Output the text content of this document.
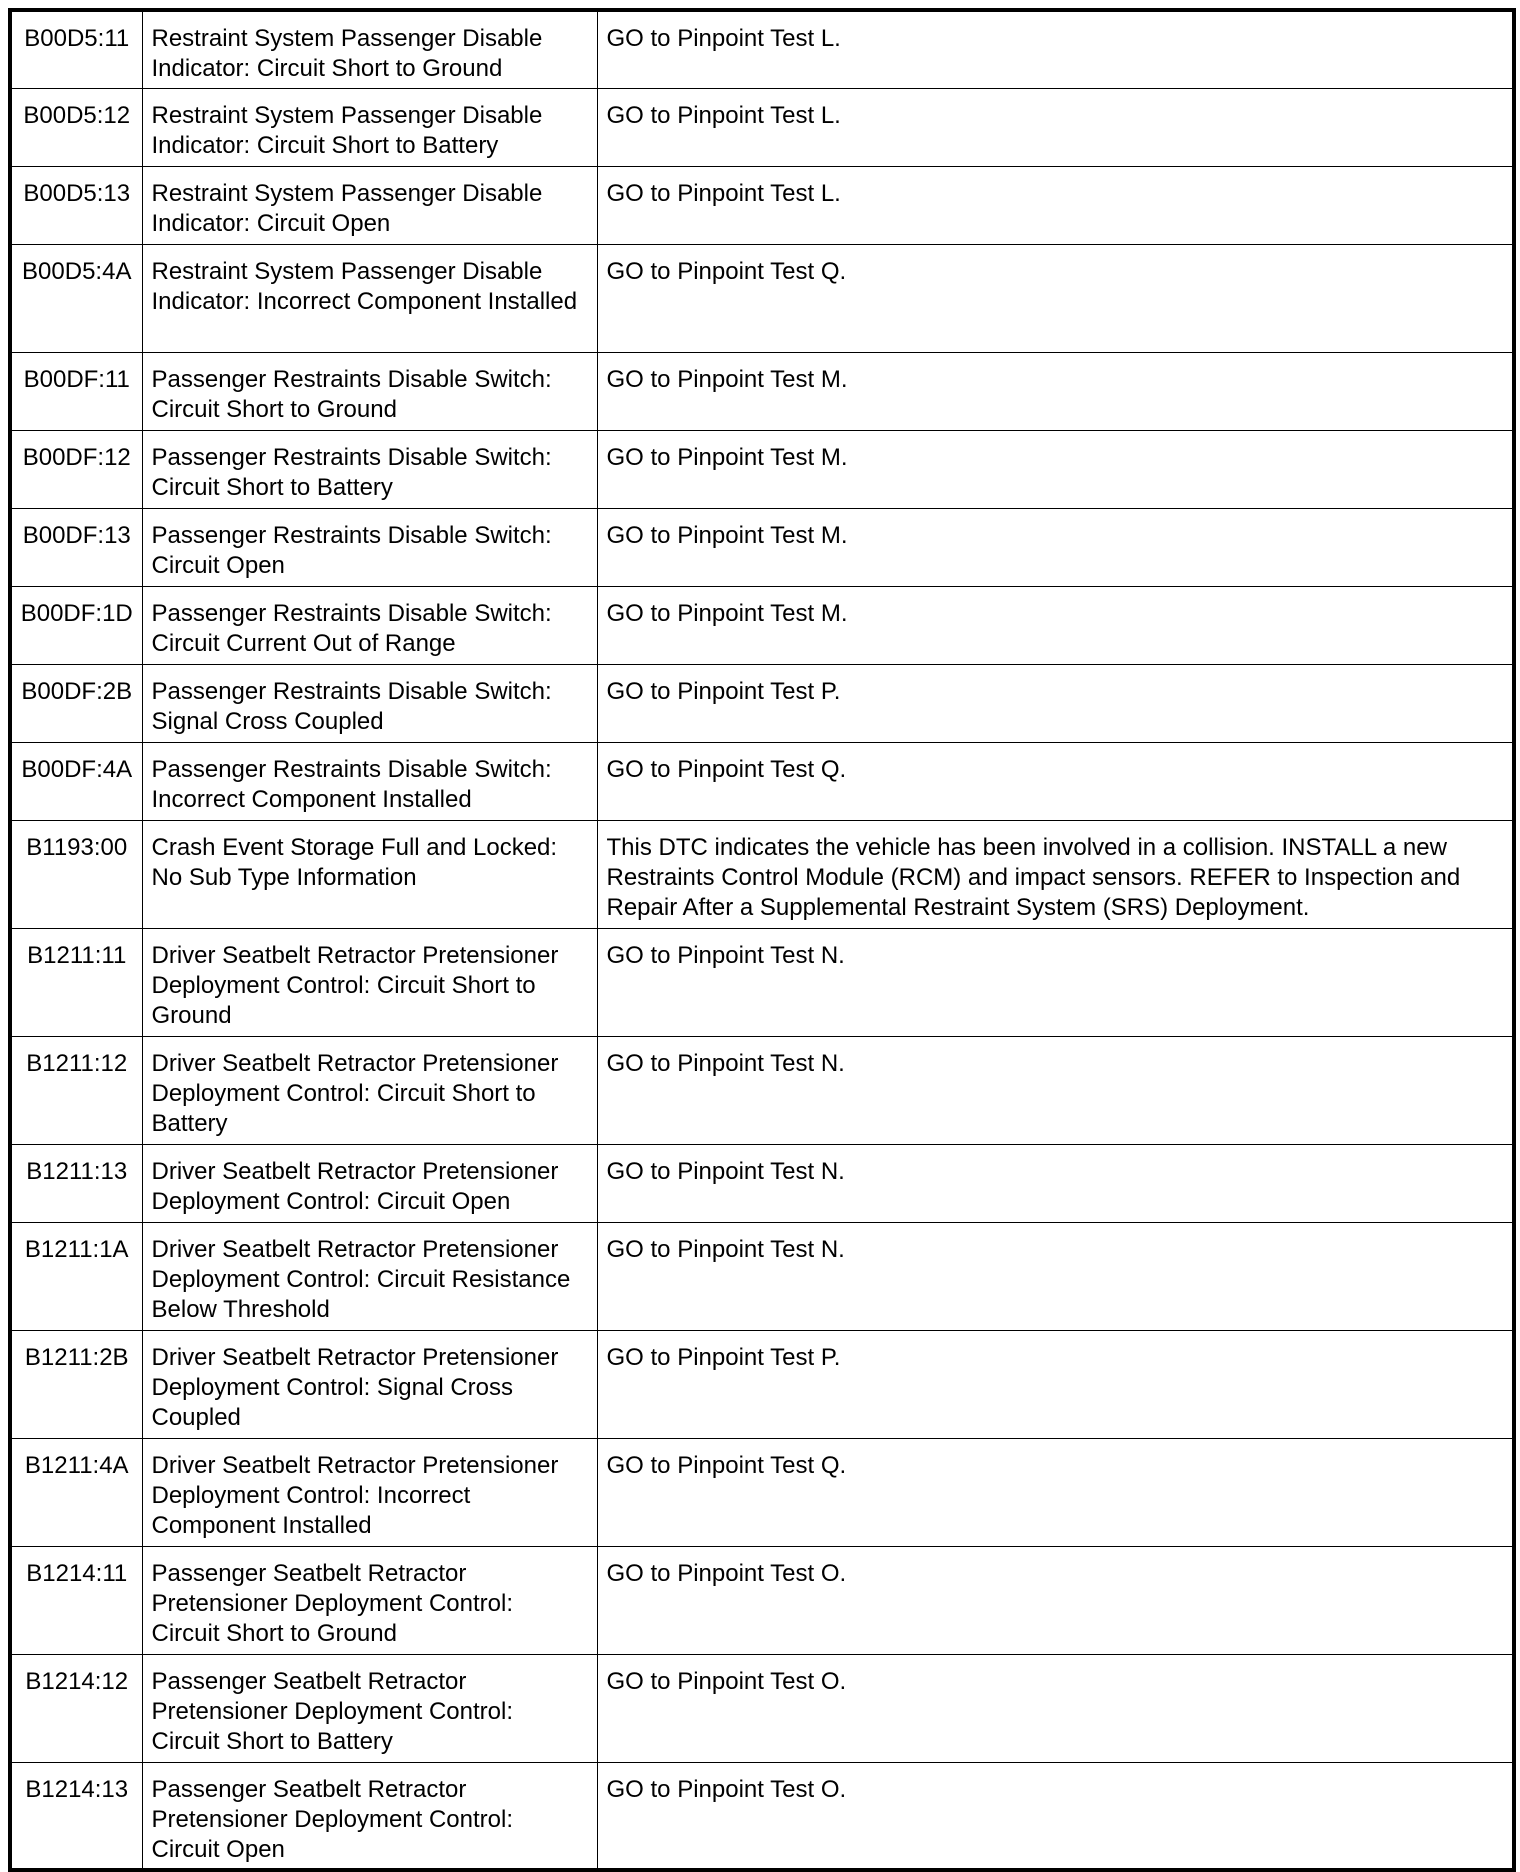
B00D5:11	Restraint System Passenger Disable Indicator: Circuit Short to Ground	GO to Pinpoint Test L.
B00D5:12	Restraint System Passenger Disable Indicator: Circuit Short to Battery	GO to Pinpoint Test L.
B00D5:13	Restraint System Passenger Disable Indicator: Circuit Open	GO to Pinpoint Test L.
B00D5:4A	Restraint System Passenger Disable Indicator: Incorrect Component Installed	GO to Pinpoint Test Q.
B00DF:11	Passenger Restraints Disable Switch: Circuit Short to Ground	GO to Pinpoint Test M.
B00DF:12	Passenger Restraints Disable Switch: Circuit Short to Battery	GO to Pinpoint Test M.
B00DF:13	Passenger Restraints Disable Switch: Circuit Open	GO to Pinpoint Test M.
B00DF:1D	Passenger Restraints Disable Switch: Circuit Current Out of Range	GO to Pinpoint Test M.
B00DF:2B	Passenger Restraints Disable Switch: Signal Cross Coupled	GO to Pinpoint Test P.
B00DF:4A	Passenger Restraints Disable Switch: Incorrect Component Installed	GO to Pinpoint Test Q.
B1193:00	Crash Event Storage Full and Locked: No Sub Type Information	This DTC indicates the vehicle has been involved in a collision. INSTALL a new Restraints Control Module (RCM) and impact sensors. REFER to Inspection and Repair After a Supplemental Restraint System (SRS) Deployment.
B1211:11	Driver Seatbelt Retractor Pretensioner Deployment Control: Circuit Short to Ground	GO to Pinpoint Test N.
B1211:12	Driver Seatbelt Retractor Pretensioner Deployment Control: Circuit Short to Battery	GO to Pinpoint Test N.
B1211:13	Driver Seatbelt Retractor Pretensioner Deployment Control: Circuit Open	GO to Pinpoint Test N.
B1211:1A	Driver Seatbelt Retractor Pretensioner Deployment Control: Circuit Resistance Below Threshold	GO to Pinpoint Test N.
B1211:2B	Driver Seatbelt Retractor Pretensioner Deployment Control: Signal Cross Coupled	GO to Pinpoint Test P.
B1211:4A	Driver Seatbelt Retractor Pretensioner Deployment Control: Incorrect Component Installed	GO to Pinpoint Test Q.
B1214:11	Passenger Seatbelt Retractor Pretensioner Deployment Control: Circuit Short to Ground	GO to Pinpoint Test O.
B1214:12	Passenger Seatbelt Retractor Pretensioner Deployment Control: Circuit Short to Battery	GO to Pinpoint Test O.
B1214:13	Passenger Seatbelt Retractor Pretensioner Deployment Control: Circuit Open	GO to Pinpoint Test O.
